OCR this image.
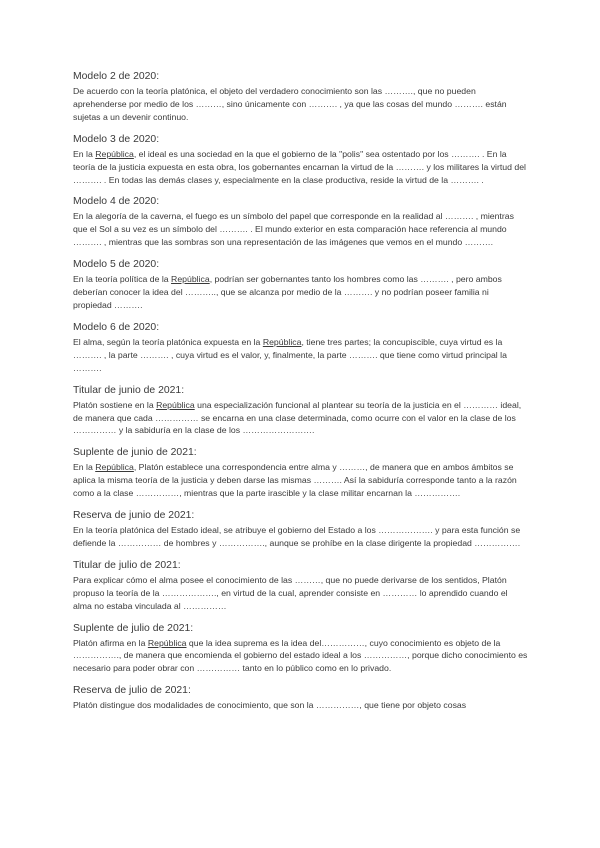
Modelo 2 de 2020:
De acuerdo con la teoría platónica, el objeto del verdadero conocimiento son las ………., que no pueden aprehenderse por medio de los ………, sino únicamente con ………. , ya que las cosas del mundo ………. están sujetas a un devenir continuo.
Modelo 3 de 2020:
En la República, el ideal es una sociedad en la que el gobierno de la "polis" sea ostentado por los ………. . En la teoría de la justicia expuesta en esta obra, los gobernantes encarnan la virtud de la ………. y los militares la virtud del ………. . En todas las demás clases y, especialmente en la clase productiva, reside la virtud de la ………. .
Modelo 4 de 2020:
En la alegoría de la caverna, el fuego es un símbolo del papel que corresponde en la realidad al ………. , mientras que el Sol a su vez es un símbolo del ………. . El mundo exterior en esta comparación hace referencia al mundo ………. , mientras que las sombras son una representación de las imágenes que vemos en el mundo ……….
Modelo 5 de 2020:
En la teoría política de la República, podrían ser gobernantes tanto los hombres como las ………. , pero ambos deberían conocer la idea del ……….., que se alcanza por medio de la ………. y no podrían poseer familia ni propiedad ……….
Modelo 6 de 2020:
El alma, según la teoría platónica expuesta en la República, tiene tres partes; la concupiscible, cuya virtud es la ………. , la parte ………. , cuya virtud es el valor, y, finalmente, la parte ………. que tiene como virtud principal la ……….
Titular de junio de 2021:
Platón sostiene en la República una especialización funcional al plantear su teoría de la justicia en el ………… ideal, de manera que cada …………… se encarna en una clase determinada, como ocurre con el valor en la clase de los …………… y la sabiduría en la clase de los …………………….
Suplente de junio de 2021:
En la República, Platón establece una correspondencia entre alma y ………, de manera que en ambos ámbitos se aplica la misma teoría de la justicia y deben darse las mismas ………. Así la sabiduría corresponde tanto a la razón como a la clase ……………, mientras que la parte irascible y la clase militar encarnan la …………….
Reserva de junio de 2021:
En la teoría platónica del Estado ideal, se atribuye el gobierno del Estado a los ………………. y para esta función se defiende la …………… de hombres y ……………., aunque se prohíbe en la clase dirigente la propiedad …………….
Titular de julio de 2021:
Para explicar cómo el alma posee el conocimiento de las ………, que no puede derivarse de los sentidos, Platón propuso la teoría de la ………………., en virtud de la cual, aprender consiste en ………… lo aprendido cuando el alma no estaba vinculada al ……………
Suplente de julio de 2021:
Platón afirma en la República que la idea suprema es la idea del……………, cuyo conocimiento es objeto de la ……………., de manera que encomienda el gobierno del estado ideal a los ……………, porque dicho conocimiento es necesario para poder obrar con …………… tanto en lo público como en lo privado.
Reserva de julio de 2021:
Platón distingue dos modalidades de conocimiento, que son la ……………, que tiene por objeto cosas
